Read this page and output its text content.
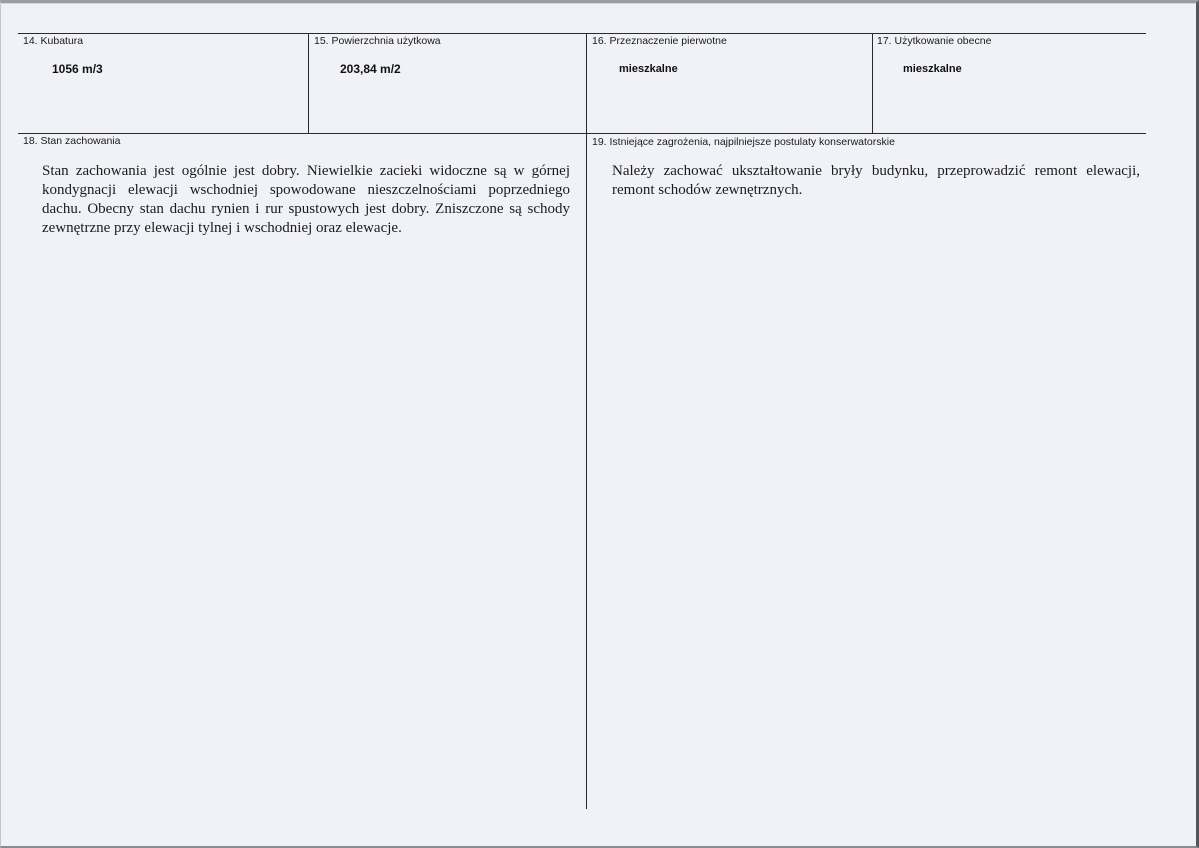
14. Kubatura
1056 m/3
15. Powierzchnia użytkowa
203,84 m/2
16. Przeznaczenie pierwotne
mieszkalne
17. Użytkowanie obecne
mieszkalne
18. Stan zachowania

Stan zachowania jest ogólnie jest dobry. Niewielkie zacieki widoczne są w górnej kondygnacji elewacji wschodniej spowodowane nieszczelnościami poprzedniego dachu. Obecny stan dachu rynien i rur spustowych jest dobry. Zniszczone są schody zewnętrzne przy elewacji tylnej i wschodniej oraz elewacje.

19. Istniejące zagrożenia, najpilniejsze postulaty konserwatorskie

Należy zachować ukształtowanie bryły budynku, przeprowadzić remont elewacji, remont schodów zewnętrznych.
